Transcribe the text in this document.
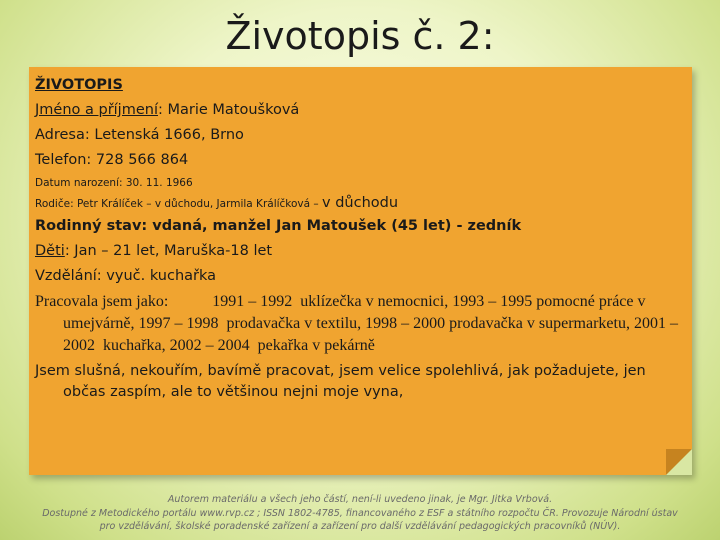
Životopis č. 2:
ŽIVOTOPIS
Jméno a příjmení: Marie Matoušková
Adresa: Letenská 1666, Brno
Telefon: 728 566 864
Datum narození: 30. 11. 1966
Rodiče: Petr Králíček – v důchodu, Jarmila Králíčková – v důchodu
Rodinný stav: vdaná, manžel Jan Matoušek (45 let) - zedník
Děti: Jan – 21 let, Maruška-18 let
Vzdělání: vyuč. kuchařka
Pracovala jsem jako:           1991 – 1992  uklízečka v nemocnici, 1993 – 1995 pomocné práce v umejvárně, 1997 – 1998  prodavačka v textilu, 1998 – 2000 prodavačka v supermarketu, 2001 – 2002  kuchařka, 2002 – 2004  pekařka v pekárně
Jsem slušná, nekouřím, bavímě pracovat, jsem velice spolehlivá, jak požadujete, jen občas zaspím, ale to většinou nejni moje vyna,
Autorem materiálu a všech jeho částí, není-li uvedeno jinak, je Mgr. Jitka Vrbová.
Dostupné z Metodického portálu www.rvp.cz ; ISSN 1802-4785, financovaného z ESF a státního rozpočtu ČR. Provozuje Národní ústav
pro vzdělávání, školské poradenské zařízení a zařízení pro další vzdělávání pedagogických pracovníků (NÚV).
